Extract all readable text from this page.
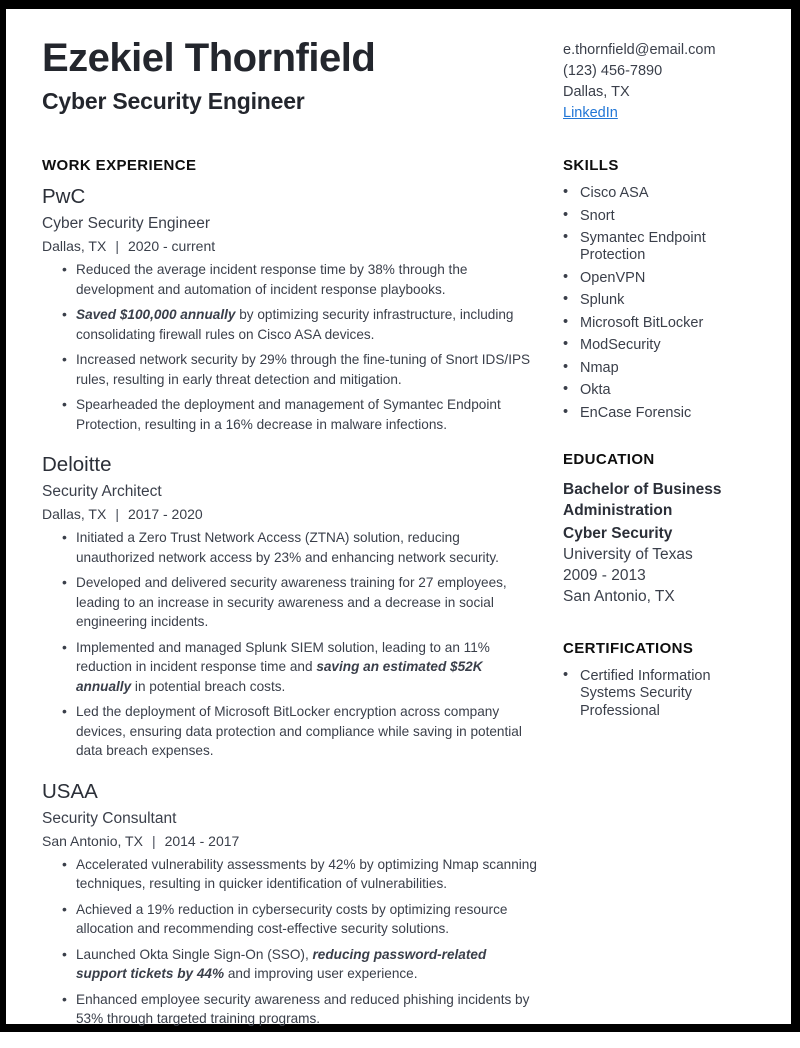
Ezekiel Thornfield
Cyber Security Engineer
e.thornfield@email.com
(123) 456-7890
Dallas, TX
LinkedIn
WORK EXPERIENCE
PwC
Cyber Security Engineer
Dallas, TX | 2020 - current
• Reduced the average incident response time by 38% through the development and automation of incident response playbooks.
• Saved $100,000 annually by optimizing security infrastructure, including consolidating firewall rules on Cisco ASA devices.
• Increased network security by 29% through the fine-tuning of Snort IDS/IPS rules, resulting in early threat detection and mitigation.
• Spearheaded the deployment and management of Symantec Endpoint Protection, resulting in a 16% decrease in malware infections.
Deloitte
Security Architect
Dallas, TX | 2017 - 2020
• Initiated a Zero Trust Network Access (ZTNA) solution, reducing unauthorized network access by 23% and enhancing network security.
• Developed and delivered security awareness training for 27 employees, leading to an increase in security awareness and a decrease in social engineering incidents.
• Implemented and managed Splunk SIEM solution, leading to an 11% reduction in incident response time and saving an estimated $52K annually in potential breach costs.
• Led the deployment of Microsoft BitLocker encryption across company devices, ensuring data protection and compliance while saving in potential data breach expenses.
USAA
Security Consultant
San Antonio, TX | 2014 - 2017
• Accelerated vulnerability assessments by 42% by optimizing Nmap scanning techniques, resulting in quicker identification of vulnerabilities.
• Achieved a 19% reduction in cybersecurity costs by optimizing resource allocation and recommending cost-effective security solutions.
• Launched Okta Single Sign-On (SSO), reducing password-related support tickets by 44% and improving user experience.
• Enhanced employee security awareness and reduced phishing incidents by 53% through targeted training programs.
SKILLS
• Cisco ASA
• Snort
• Symantec Endpoint Protection
• OpenVPN
• Splunk
• Microsoft BitLocker
• ModSecurity
• Nmap
• Okta
• EnCase Forensic
EDUCATION
Bachelor of Business Administration
Cyber Security
University of Texas
2009 - 2013
San Antonio, TX
CERTIFICATIONS
• Certified Information Systems Security Professional
